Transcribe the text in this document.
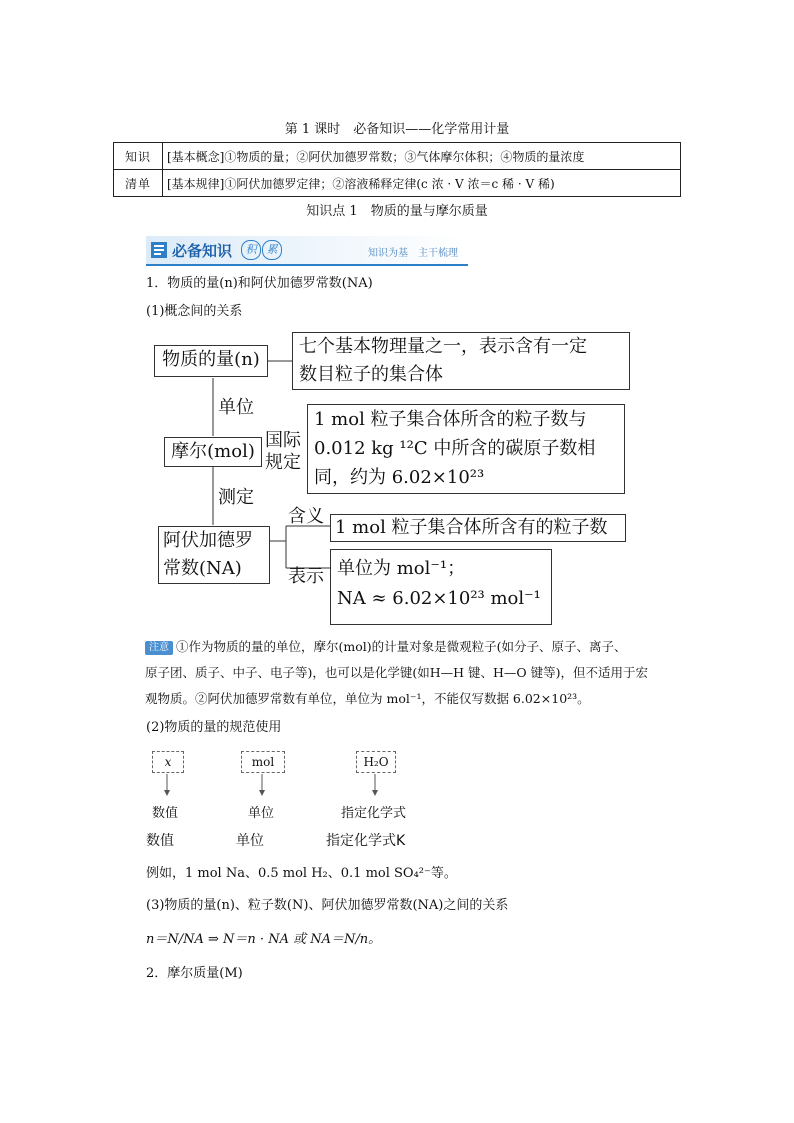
第 1 课时　必备知识——化学常用计量
知识	[基本概念]①物质的量；②阿伏加德罗常数；③气体摩尔体积；④物质的量浓度
清单	[基本规律]①阿伏加德罗定律；②溶液稀释定律(c 浓 · V 浓＝c 稀 · V 稀)
知识点 1　物质的量与摩尔质量
必备知识	积 累	知识为基　主干梳理
1．物质的量(n)和阿伏加德罗常数(NA)
(1)概念间的关系
物质的量(n)
七个基本物理量之一，表示含有一定
数目粒子的集合体
单位
摩尔(mol)
国际
规定
1 mol 粒子集合体所含的粒子数与
0.012 kg ¹²C 中所含的碳原子数相
同，约为 6.02×10²³
测定
阿伏加德罗
常数(NA)
含义
1 mol 粒子集合体所含有的粒子数
表示 单位为 mol⁻¹；
NA ≈ 6.02×10²³ mol⁻¹
注意 ①作为物质的量的单位，摩尔(mol)的计量对象是微观粒子(如分子、原子、离子、
原子团、质子、中子、电子等)，也可以是化学键(如H—H 键、H—O 键等)，但不适用于宏
观物质。②阿伏加德罗常数有单位，单位为 mol⁻¹，不能仅写数据 6.02×10²³。
(2)物质的量的规范使用
x	mol	H₂O
数值	单位	指定化学式
数值	单位	指定化学式K
例如，1 mol Na、0.5 mol H₂、0.1 mol SO₄²⁻等。
(3)物质的量(n)、粒子数(N)、阿伏加德罗常数(NA)之间的关系
n＝N/NA ⇒ N＝n · NA 或 NA＝N/n。
2．摩尔质量(M)
